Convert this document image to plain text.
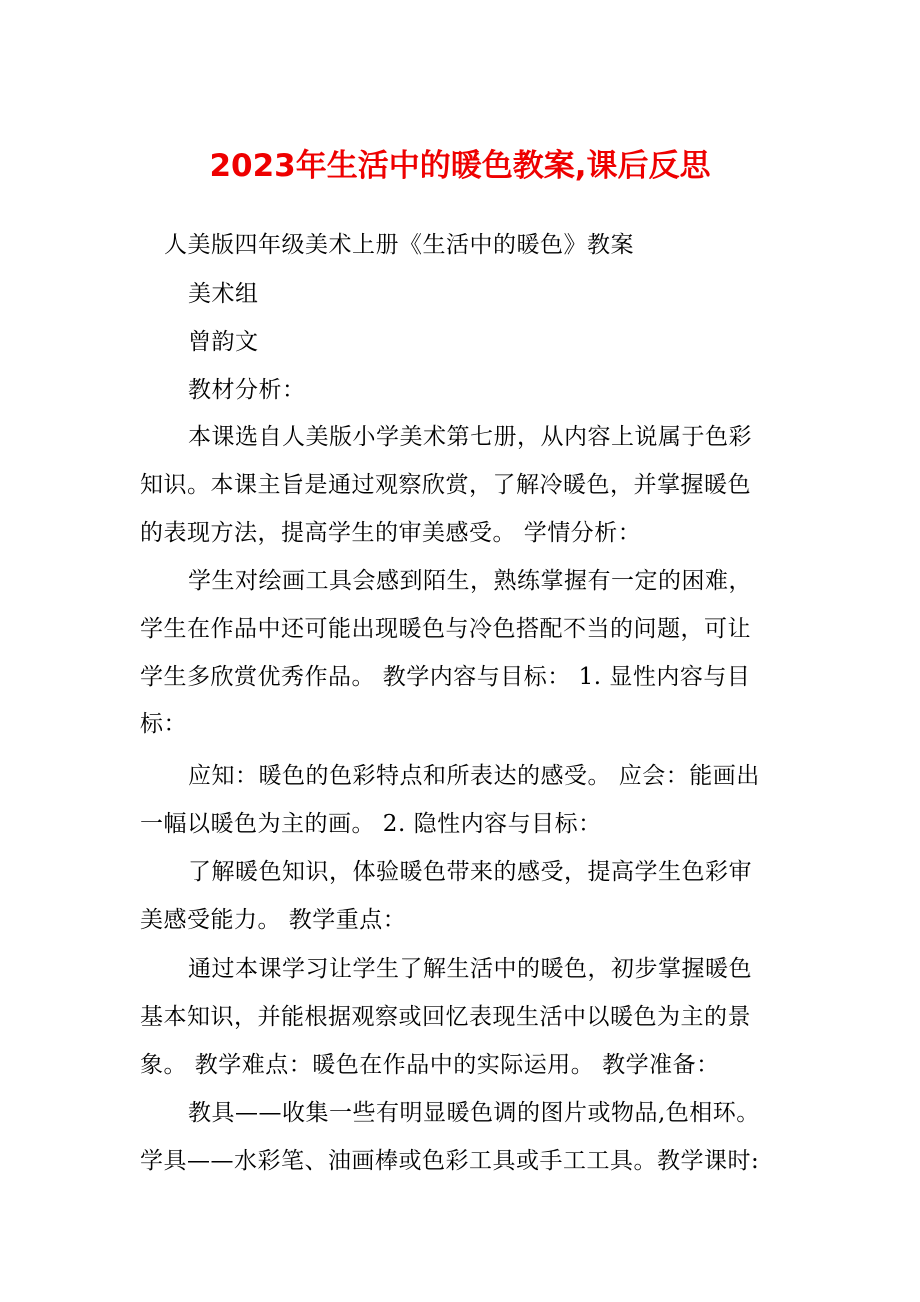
2023年生活中的暖色教案,课后反思
人美版四年级美术上册《生活中的暖色》教案
美术组
曾韵文
教材分析：
本课选自人美版小学美术第七册，从内容上说属于色彩
知识。本课主旨是通过观察欣赏，了解冷暖色，并掌握暖色
的表现方法，提高学生的审美感受。 学情分析：
学生对绘画工具会感到陌生，熟练掌握有一定的困难，
学生在作品中还可能出现暖色与冷色搭配不当的问题，可让
学生多欣赏优秀作品。 教学内容与目标： 1. 显性内容与目
标：
应知：暖色的色彩特点和所表达的感受。 应会：能画出
一幅以暖色为主的画。 2. 隐性内容与目标：
了解暖色知识，体验暖色带来的感受，提高学生色彩审
美感受能力。 教学重点：
通过本课学习让学生了解生活中的暖色，初步掌握暖色
基本知识，并能根据观察或回忆表现生活中以暖色为主的景
象。 教学难点：暖色在作品中的实际运用。 教学准备：
教具——收集一些有明显暖色调的图片或物品,色相环。
学具——水彩笔、油画棒或色彩工具或手工工具。教学课时:
